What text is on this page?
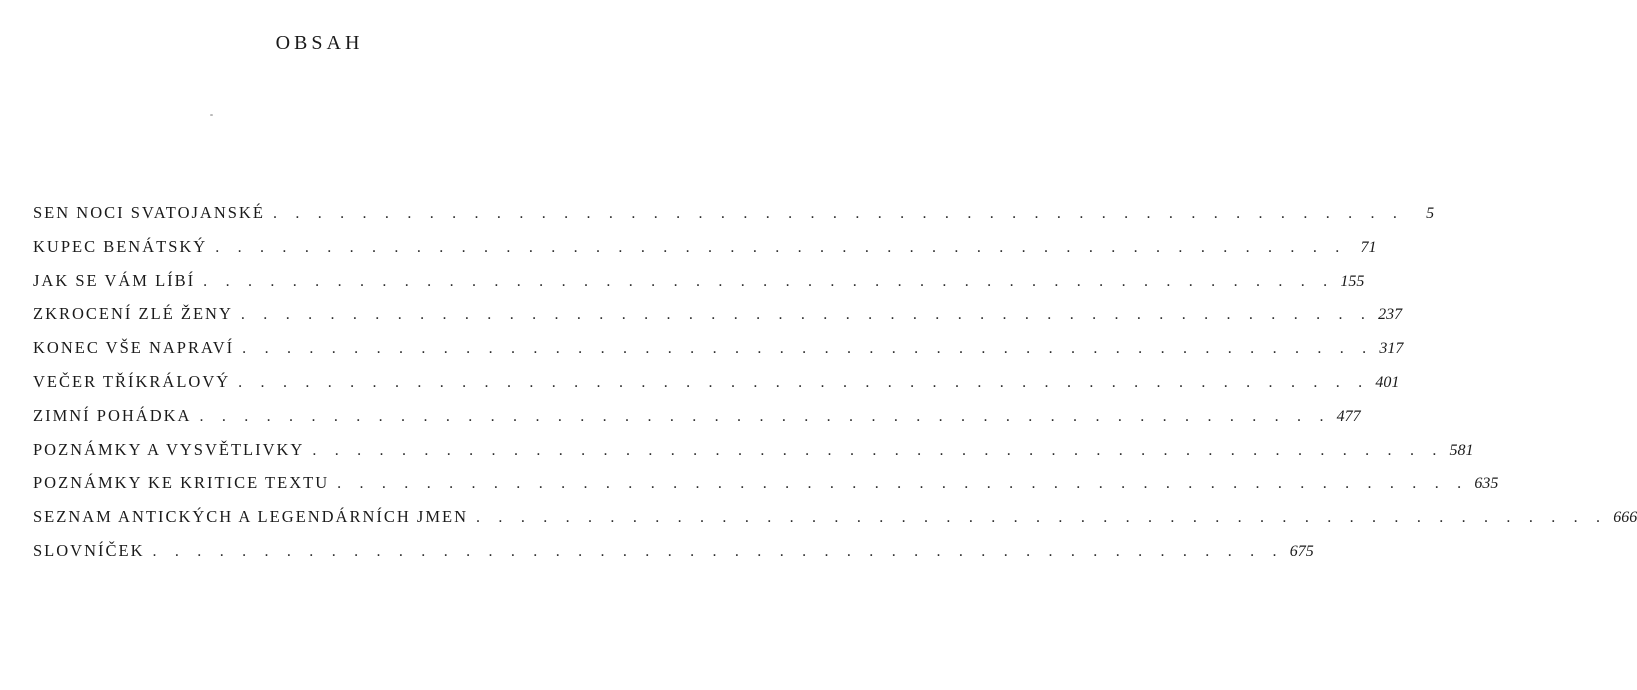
OBSAH
SEN NOCI SVATOJANSKÉ . . . . . . . . . . . . . . . . . . . . . . . . . . . . . . . . . . . . . . . . . . . . . . . . . . .	5
KUPEC BENÁTSKÝ . . . . . . . . . . . . . . . . . . . . . . . . . . . . . . . . . . . . . . . . . . . . . . . . . . . 71
JAK SE VÁM LÍBÍ . . . . . . . . . . . . . . . . . . . . . . . . . . . . . . . . . . . . . . . . . . . . . . . . . . . 155
ZKROCENÍ ZLÉ ŽENY . . . . . . . . . . . . . . . . . . . . . . . . . . . . . . . . . . . . . . . . . . . . . . . . . . . 237
KONEC VŠE NAPRAVÍ . . . . . . . . . . . . . . . . . . . . . . . . . . . . . . . . . . . . . . . . . . . . . . . . . . . 317
VEČER TŘÍKRÁLOVÝ . . . . . . . . . . . . . . . . . . . . . . . . . . . . . . . . . . . . . . . . . . . . . . . . . . . 401
ZIMNÍ POHÁDKA . . . . . . . . . . . . . . . . . . . . . . . . . . . . . . . . . . . . . . . . . . . . . . . . . . . 477
POZNÁMKY A VYSVĚTLIVKY . . . . . . . . . . . . . . . . . . . . . . . . . . . . . . . . . . . . . . . . . . . . . . . . . . . 581
POZNÁMKY KE KRITICE TEXTU . . . . . . . . . . . . . . . . . . . . . . . . . . . . . . . . . . . . . . . . . . . . . . . . . . . 635
SEZNAM ANTICKÝCH A LEGENDÁRNÍCH JMEN . . . . . . . . . . . . . . . . . . . . . . . . . . . . . . . . . . . . . . . . . . . . . . . . . . . 666
SLOVNÍČEK . . . . . . . . . . . . . . . . . . . . . . . . . . . . . . . . . . . . . . . . . . . . . . . . . . . 675
